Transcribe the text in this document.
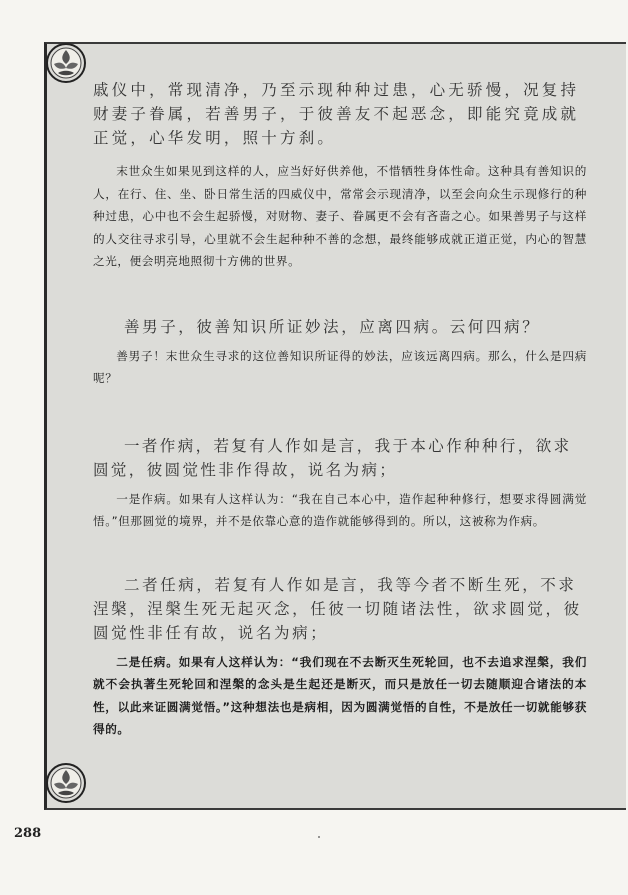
戚仪中，常现清净，乃至示现种种过患，心无骄慢，况复持财妻子眷属，若善男子，于彼善友不起恶念，即能究竟成就正觉，心华发明，照十方刹。

末世众生如果见到这样的人，应当好好供养他，不惜牺牲身体性命。这种具有善知识的人，在行、住、坐、卧日常生活的四威仪中，常常会示现清净，以至会向众生示现修行的种种过患，心中也不会生起骄慢，对财物、妻子、眷属更不会有吝啬之心。如果善男子与这样的人交往寻求引导，心里就不会生起种种不善的念想，最终能够成就正道正觉，内心的智慧之光，便会明亮地照彻十方佛的世界。

善男子，彼善知识所证妙法，应离四病。云何四病？

善男子！末世众生寻求的这位善知识所证得的妙法，应该远离四病。那么，什么是四病呢？

一者作病，若复有人作如是言，我于本心作种种行，欲求圆觉，彼圆觉性非作得故，说名为病；

一是作病。如果有人这样认为：“我在自己本心中，造作起种种修行，想要求得圆满觉悟。”但那圆觉的境界，并不是依靠心意的造作就能够得到的。所以，这被称为作病。

二者任病，若复有人作如是言，我等今者不断生死，不求涅槃，涅槃生死无起灭念，任彼一切随诸法性，欲求圆觉，彼圆觉性非任有故，说名为病；

二是任病。如果有人这样认为：“我们现在不去断灭生死轮回，也不去追求涅槃，我们就不会执著生死轮回和涅槃的念头是生起还是断灭，而只是放任一切去随顺迎合诸法的本性，以此来证圆满觉悟。”这种想法也是病相，因为圆满觉悟的自性，不是放任一切就能够获得的。

288
